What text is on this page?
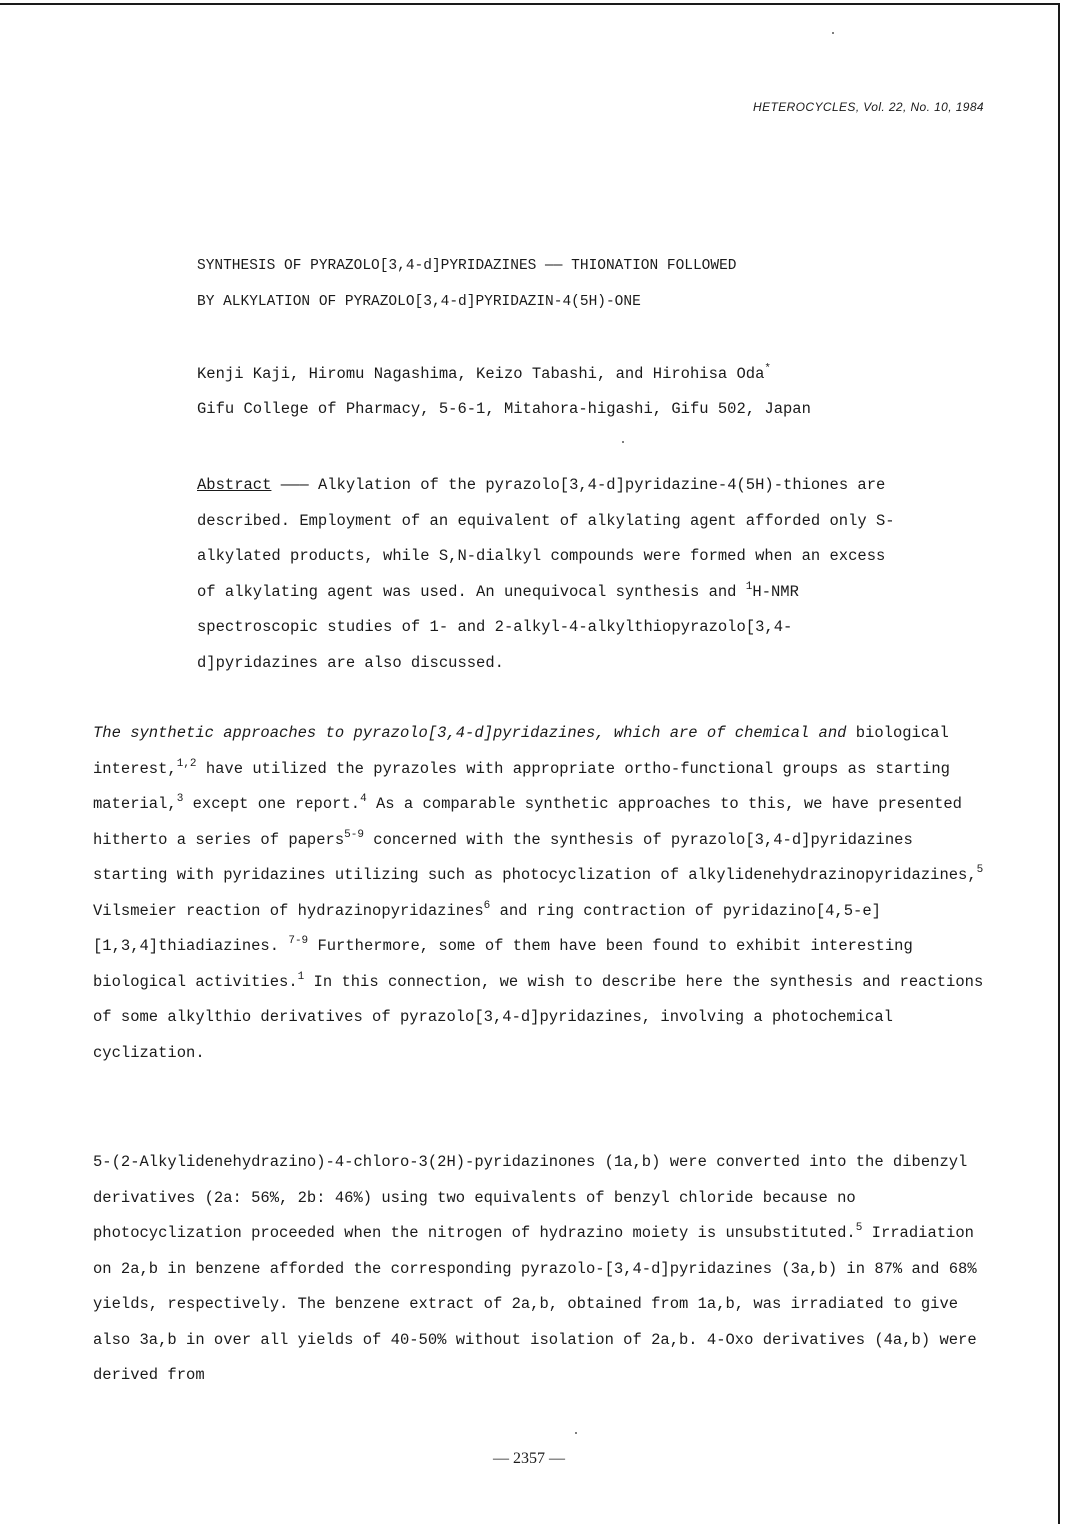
HETEROCYCLES, Vol. 22, No. 10, 1984
SYNTHESIS OF PYRAZOLO[3,4-d]PYRIDAZINES —— THIONATION FOLLOWED
BY ALKYLATION OF PYRAZOLO[3,4-d]PYRIDAZIN-4(5H)-ONE
Kenji Kaji, Hiromu Nagashima, Keizo Tabashi, and Hirohisa Oda*
Gifu College of Pharmacy, 5-6-1, Mitahora-higashi, Gifu 502, Japan
Abstract ——— Alkylation of the pyrazolo[3,4-d]pyridazine-4(5H)-thiones are described. Employment of an equivalent of alkylating agent afforded only S-alkylated products, while S,N-dialkyl compounds were formed when an excess of alkylating agent was used. An unequivocal synthesis and $^1$H-NMR spectroscopic studies of 1- and 2-alkyl-4-alkylthiopyrazolo[3,4-d]pyridazines are also discussed.
The synthetic approaches to pyrazolo[3,4-d]pyridazines, which are of chemical and biological interest,$^{1,2}$ have utilized the pyrazoles with appropriate ortho-functional groups as starting material,$^3$ except one report.$^4$ As a comparable synthetic approaches to this, we have presented hitherto a series of papers$^{5-9}$ concerned with the synthesis of pyrazolo[3,4-d]pyridazines starting with pyridazines utilizing such as photocyclization of alkylidenehydrazinopyridazines,$^5$ Vilsmeier reaction of hydrazinopyridazines$^6$ and ring contraction of pyridazino[4,5-e][1,3,4]thiadiazines. $^{7-9}$ Furthermore, some of them have been found to exhibit interesting biological activities.$^1$ In this connection, we wish to describe here the synthesis and reactions of some alkylthio derivatives of pyrazolo[3,4-d]pyridazines, involving a photochemical cyclization.
5-(2-Alkylidenehydrazino)-4-chloro-3(2H)-pyridazinones (1a,b) were converted into the dibenzyl derivatives (2a: 56%, 2b: 46%) using two equivalents of benzyl chloride because no photocyclization proceeded when the nitrogen of hydrazino moiety is unsubstituted.$^5$ Irradiation on 2a,b in benzene afforded the corresponding pyrazolo-[3,4-d]pyridazines (3a,b) in 87% and 68% yields, respectively. The benzene extract of 2a,b, obtained from 1a,b, was irradiated to give also 3a,b in over all yields of 40-50% without isolation of 2a,b. 4-Oxo derivatives (4a,b) were derived from
— 2357 —
